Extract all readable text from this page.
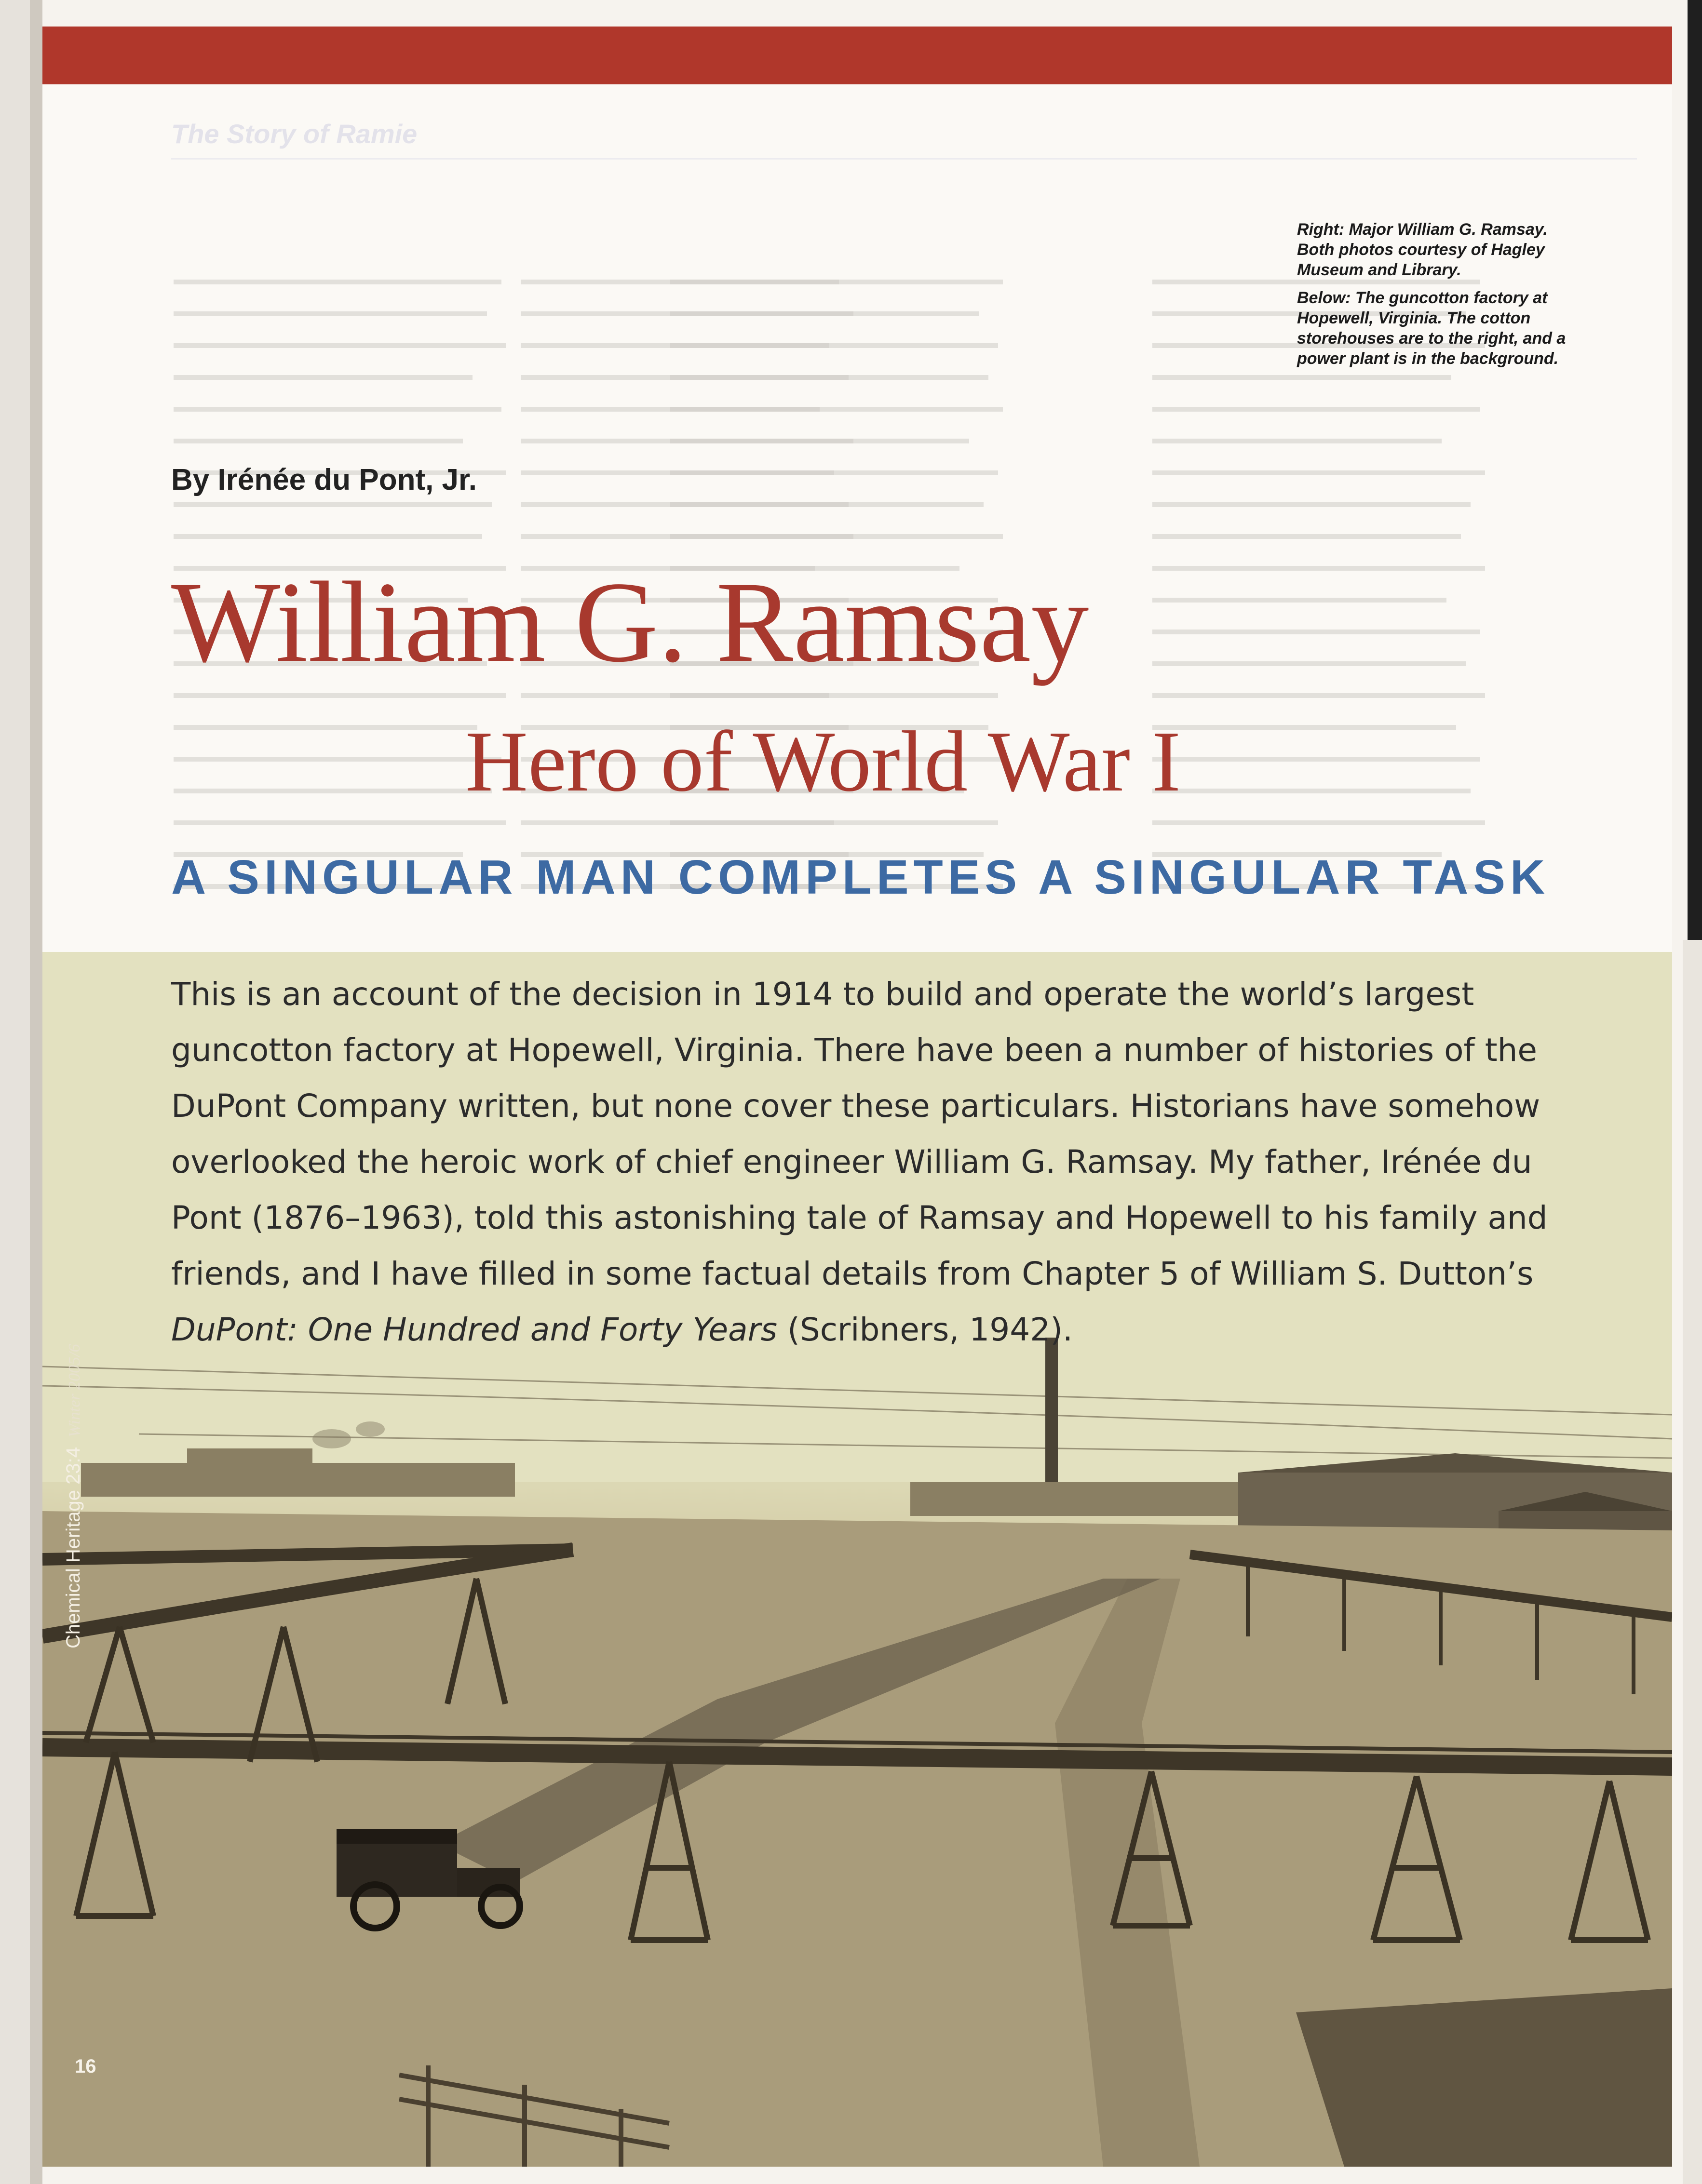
The Story of Ramie

Right: Major William G. Ramsay. Both photos courtesy of Hagley Museum and Library.

Below: The guncotton factory at Hopewell, Virginia. The cotton storehouses are to the right, and a power plant is in the background.

By Irénée du Pont, Jr.
William G. Ramsay
Hero of World War I
A SINGULAR MAN COMPLETES A SINGULAR TASK
This is an account of the decision in 1914 to build and operate the world’s largest guncotton factory at Hopewell, Virginia. There have been a number of histories of the DuPont Company written, but none cover these particulars. Historians have somehow overlooked the heroic work of chief engineer William G. Ramsay. My father, Irénée du Pont (1876–1963), told this astonishing tale of Ramsay and Hopewell to his family and friends, and I have filled in some factual details from Chapter 5 of William S. Dutton’s DuPont: One Hundred and Forty Years (Scribners, 1942).
Chemical Heritage 23:4Winter 2005/6
16
